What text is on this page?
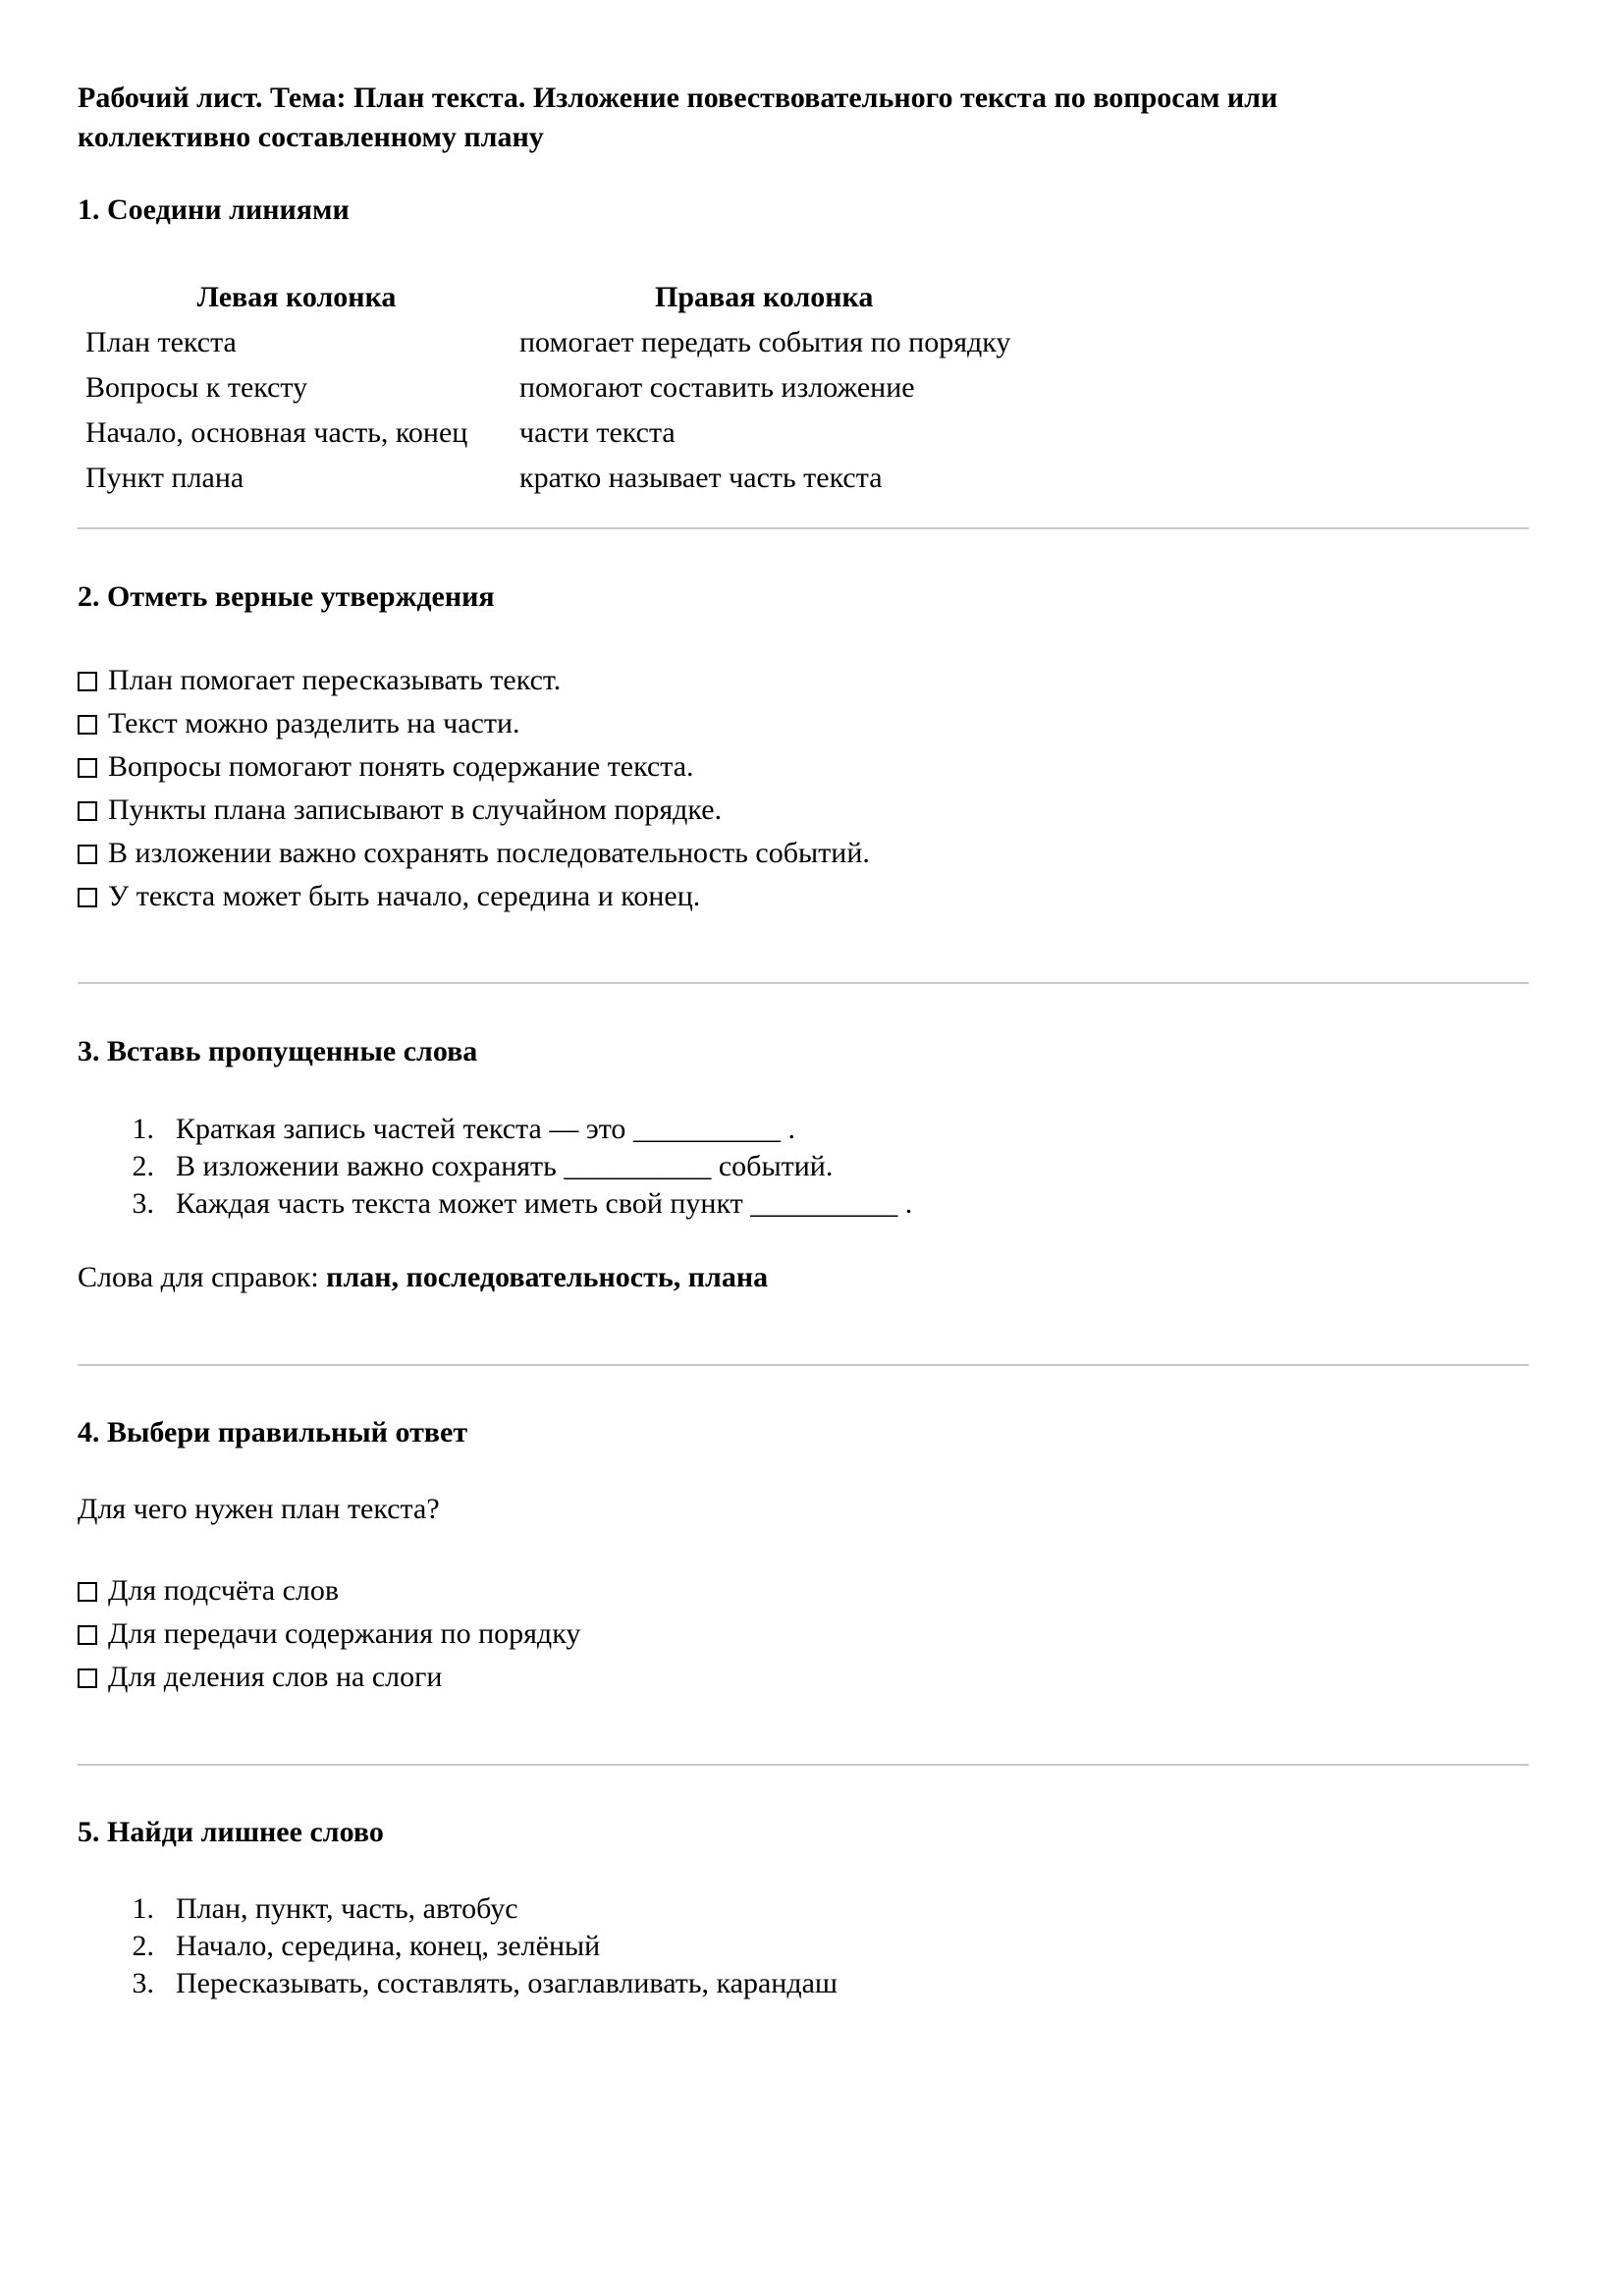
Рабочий лист. Тема: План текста. Изложение повествовательного текста по вопросам или
коллективно составленному плану
1. Соедини линиями
Левая колонка	Правая колонка
План текста	помогает передать события по порядку
Вопросы к тексту	помогают составить изложение
Начало, основная часть, конец	части текста
Пункт плана	кратко называет часть текста
2. Отметь верные утверждения
План помогает пересказывать текст.
Текст можно разделить на части.
Вопросы помогают понять содержание текста.
Пункты плана записывают в случайном порядке.
В изложении важно сохранять последовательность событий.
У текста может быть начало, середина и конец.
3. Вставь пропущенные слова
1. Краткая запись частей текста — это __________ .
2. В изложении важно сохранять __________ событий.
3. Каждая часть текста может иметь свой пункт __________ .
Слова для справок: план, последовательность, плана
4. Выбери правильный ответ
Для чего нужен план текста?
Для подсчёта слов
Для передачи содержания по порядку
Для деления слов на слоги
5. Найди лишнее слово
1. План, пункт, часть, автобус
2. Начало, середина, конец, зелёный
3. Пересказывать, составлять, озаглавливать, карандаш
